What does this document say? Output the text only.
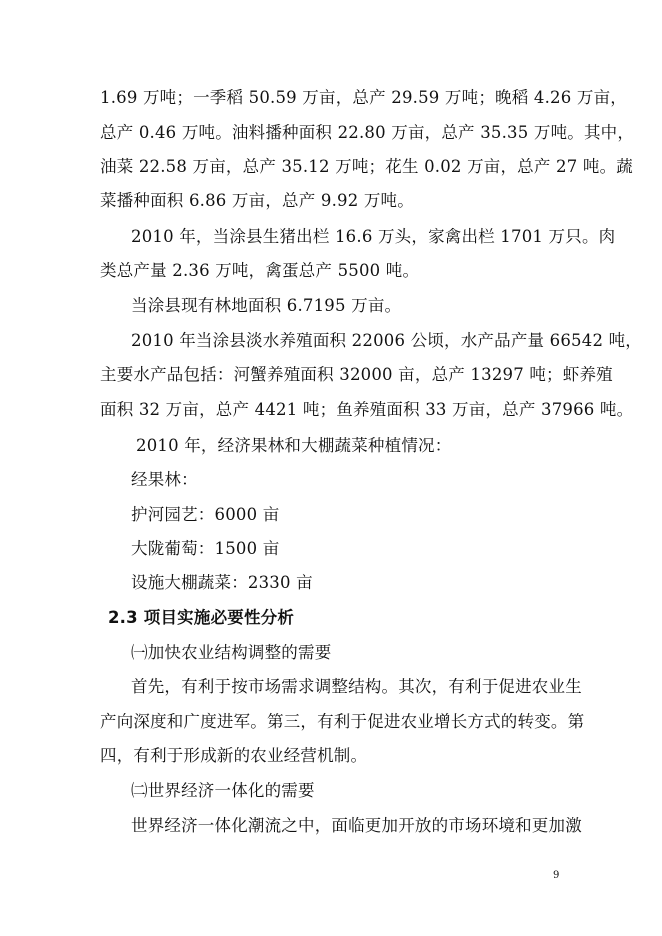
1.69 万吨；一季稻 50.59 万亩，总产 29.59 万吨；晚稻 4.26 万亩，
总产 0.46 万吨。油料播种面积 22.80 万亩，总产 35.35 万吨。其中，
油菜 22.58 万亩，总产 35.12 万吨；花生 0.02 万亩，总产 27 吨。蔬
菜播种面积 6.86 万亩，总产 9.92 万吨。
2010 年，当涂县生猪出栏 16.6 万头，家禽出栏 1701 万只。肉
类总产量 2.36 万吨，禽蛋总产 5500 吨。
当涂县现有林地面积 6.7195 万亩。
2010 年当涂县淡水养殖面积 22006 公顷，水产品产量 66542 吨，
主要水产品包括：河蟹养殖面积 32000 亩，总产 13297 吨；虾养殖
面积 32 万亩，总产 4421 吨；鱼养殖面积 33 万亩，总产 37966 吨。
2010 年，经济果林和大棚蔬菜种植情况：
经果林：
护河园艺：6000 亩
大陇葡萄：1500 亩
设施大棚蔬菜：2330 亩
2.3 项目实施必要性分析
㈠加快农业结构调整的需要
首先，有利于按市场需求调整结构。其次，有利于促进农业生
产向深度和广度进军。第三，有利于促进农业增长方式的转变。第
四，有利于形成新的农业经营机制。
㈡世界经济一体化的需要
世界经济一体化潮流之中，面临更加开放的市场环境和更加激
9
